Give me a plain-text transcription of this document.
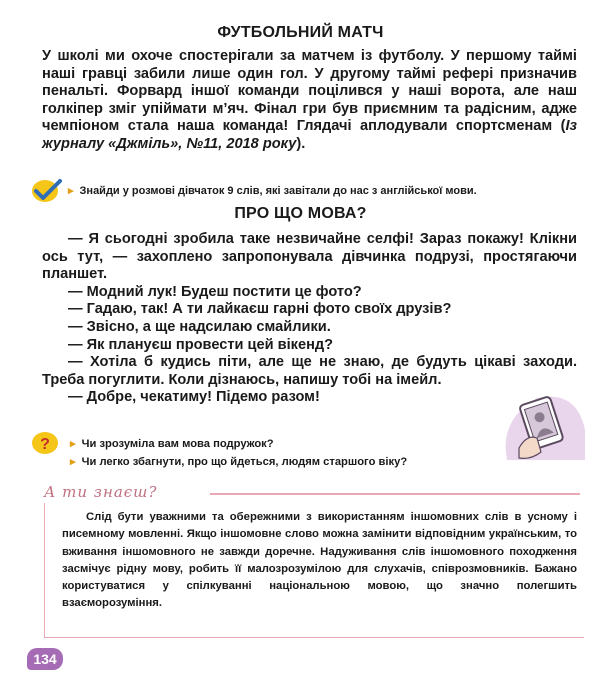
ФУТБОЛЬНИЙ МАТЧ
У школі ми охоче спостерігали за матчем із футболу. У першому таймі наші гравці забили лише один гол. У другому таймі рефері призначив пенальті. Форвард іншої команди поцілився у наші ворота, але наш голкіпер зміг упіймати м’яч. Фінал гри був приємним та радісним, адже чемпіоном стала наша команда! Глядачі аплодували спортсменам (Із журналу «Джміль», №11, 2018 року).
▸ Знайди у розмові дівчаток 9 слів, які завітали до нас з англійської мови.
ПРО ЩО МОВА?

— Я сьогодні зробила таке незвичайне селфі! Зараз покажу! Клікни ось тут, — захоплено запропонувала дівчинка подрузі, простягаючи планшет.

— Модний лук! Будеш постити це фото?

— Гадаю, так! А ти лайкаєш гарні фото своїх друзів?

— Звісно, а ще надсилаю смайлики.

— Як плануєш провести цей вікенд?

— Хотіла б кудись піти, але ще не знаю, де будуть цікаві заходи. Треба погуглити. Коли дізнаюсь, напишу тобі на імейл.

— Добре, чекатиму! Підемо разом!

? ▸ Чи зрозуміла вам мова подружок?
▸ Чи легко збагнути, про що йдеться, людям старшого віку?
А ти знаєш?
Слід бути уважними та обережними з використанням іншомовних слів в усному і писемному мовленні. Якщо іншомовне слово можна замінити відповідним українським, то вживання іншомовного не завжди доречне. Надуживання слів іншомовного походження засмічує рідну мову, робить її малозрозумілою для слухачів, співрозмовників. Бажано користуватися у спілкуванні національною мовою, що значно полегшить взаєморозуміння.
134
